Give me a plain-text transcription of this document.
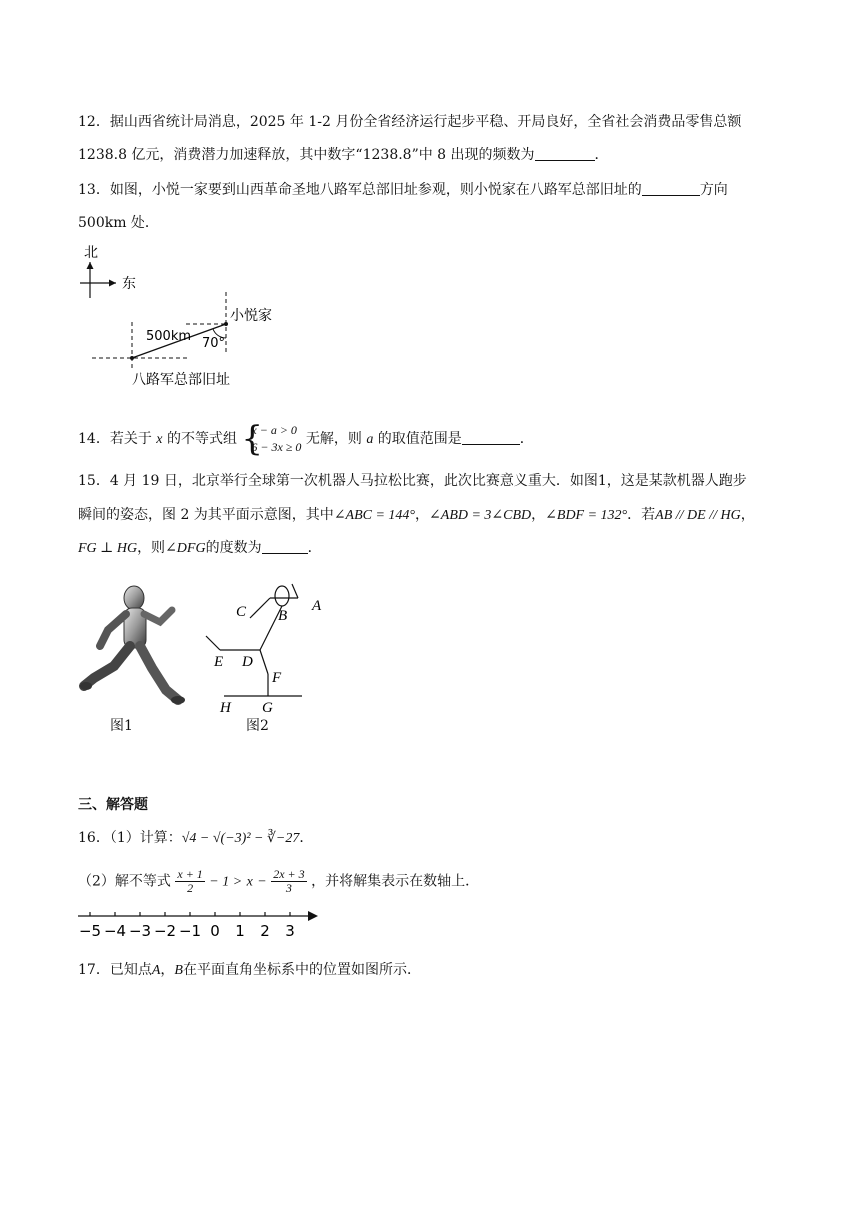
12．据山西省统计局消息，2025 年 1-2 月份全省经济运行起步平稳、开局良好，全省社会消费品零售总额
1238.8 亿元，消费潜力加速释放，其中数字“1238.8”中 8 出现的频数为	．
13．如图，小悦一家要到山西革命圣地八路军总部旧址参观，则小悦家在八路军总部旧址的	方向
500km 处．
北
东
小悦家
500km 70°
八路军总部旧址
14．若关于 x 的不等式组 {
x − a > 0
6 − 3x ≥ 0 无解，则 a 的取值范围是	．
15．4 月 19 日，北京举行全球第一次机器人马拉松比赛，此次比赛意义重大．如图1，这是某款机器人跑步
瞬间的姿态，图 2 为其平面示意图，其中∠ABC = 144°，∠ABD = 3∠CBD，∠BDF = 132°．若AB // DE // HG，
FG ⊥ HG，则∠DFG的度数为	．
图1
C B
A
E D
F
H G
图2
三、解答题
16．（1）计算：√4 − √(−3)² − ∛−27．
（2）解不等式 $\frac{x + 1}{2} - 1 > x - \frac{2x + 3}{3}$ ，并将解集表示在数轴上．
−5 −4 −3 −2 −1 0 1 2 3
17．已知点A，B在平面直角坐标系中的位置如图所示．
